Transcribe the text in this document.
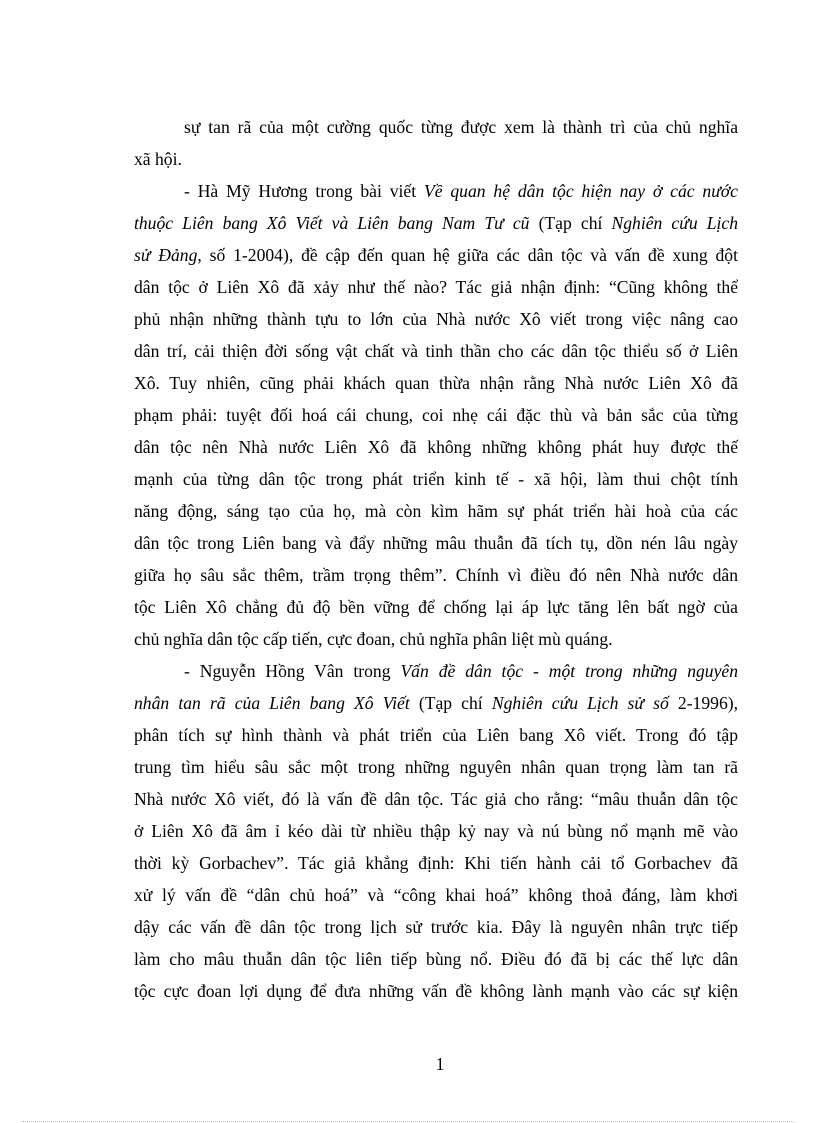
sự tan rã của một cường quốc từng được xem là thành trì của chủ nghĩa
xã hội.
- Hà Mỹ Hương trong bài viết Về quan hệ dân tộc hiện nay ở các nước
thuộc Liên bang Xô Viết và Liên bang Nam Tư cũ (Tạp chí Nghiên cứu Lịch
sử Đảng, số 1-2004), đề cập đến quan hệ giữa các dân tộc và vấn đề xung đột
dân tộc ở Liên Xô đã xảy như thế nào? Tác giả nhận định: “Cũng không thể
phủ nhận những thành tựu to lớn của Nhà nước Xô viết trong việc nâng cao
dân trí, cải thiện đời sống vật chất và tinh thần cho các dân tộc thiểu số ở Liên
Xô. Tuy nhiên, cũng phải khách quan thừa nhận rằng Nhà nước Liên Xô đã
phạm phải: tuyệt đối hoá cái chung, coi nhẹ cái đặc thù và bản sắc của từng
dân tộc nên Nhà nước Liên Xô đã không những không phát huy được thế
mạnh của từng dân tộc trong phát triển kinh tế - xã hội, làm thui chột tính
năng động, sáng tạo của họ, mà còn kìm hãm sự phát triển hài hoà của các
dân tộc trong Liên bang và đẩy những mâu thuẫn đã tích tụ, dồn nén lâu ngày
giữa họ sâu sắc thêm, trầm trọng thêm”. Chính vì điều đó nên Nhà nước dân
tộc Liên Xô chẳng đủ độ bền vững để chống lại áp lực tăng lên bất ngờ của
chủ nghĩa dân tộc cấp tiến, cực đoan, chủ nghĩa phân liệt mù quáng.
- Nguyễn Hồng Vân trong Vấn đề dân tộc - một trong những nguyên
nhân tan rã của Liên bang Xô Viết (Tạp chí Nghiên cứu Lịch sử số 2-1996),
phân tích sự hình thành và phát triển của Liên bang Xô viết. Trong đó tập
trung tìm hiểu sâu sắc một trong những nguyên nhân quan trọng làm tan rã
Nhà nước Xô viết, đó là vấn đề dân tộc. Tác giả cho rằng: “mâu thuẫn dân tộc
ở Liên Xô đã âm ỉ kéo dài từ nhiều thập kỷ nay và nú bùng nổ mạnh mẽ vào
thời kỳ Gorbachev”. Tác giả khẳng định: Khi tiến hành cải tổ Gorbachev đã
xử lý vấn đề “dân chủ hoá” và “công khai hoá” không thoả đáng, làm khơi
dậy các vấn đề dân tộc trong lịch sử trước kia. Đây là nguyên nhân trực tiếp
làm cho mâu thuẫn dân tộc liên tiếp bùng nổ. Điều đó đã bị các thế lực dân
tộc cực đoan lợi dụng để đưa những vấn đề không lành mạnh vào các sự kiện
1
